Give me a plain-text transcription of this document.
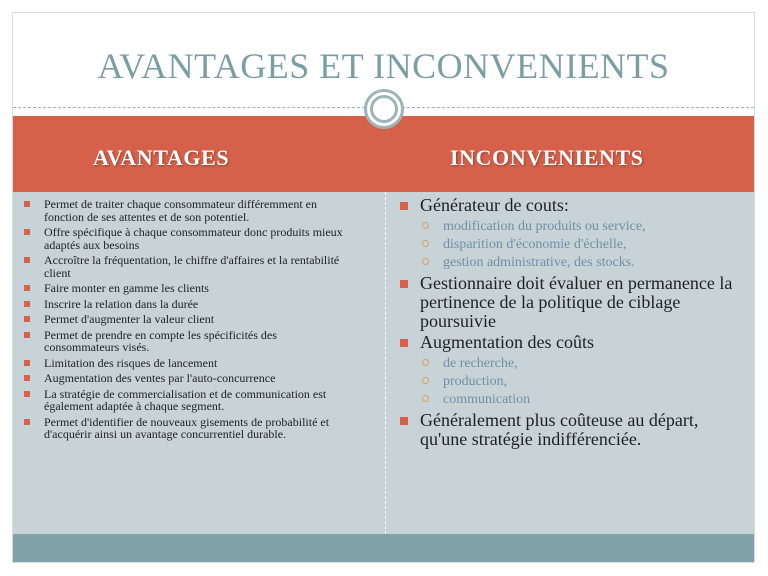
AVANTAGES ET INCONVENIENTS
AVANTAGES	INCONVENIENTS
Permet de traiter chaque consommateur différemment en fonction de ses attentes et de son potentiel.
Offre spécifique à chaque consommateur donc produits mieux adaptés aux besoins
Accroître la fréquentation, le chiffre d'affaires et la rentabilité client
Faire monter en gamme les clients
Inscrire la relation dans la durée
Permet d'augmenter la valeur client
Permet de prendre en compte les spécificités des consommateurs visés.
Limitation des risques de lancement
Augmentation des ventes par l'auto-concurrence
La stratégie de commercialisation et de communication est également adaptée à chaque segment.
Permet d'identifier de nouveaux gisements de probabilité et d'acquérir ainsi un avantage concurrentiel durable.
Générateur de couts:
modification du produits ou service,
disparition d'économie d'échelle,
gestion administrative, des stocks.
Gestionnaire doit évaluer en permanence la pertinence de la politique de ciblage poursuivie
Augmentation des coûts
de recherche,
production,
communication
Généralement plus coûteuse au départ, qu'une stratégie indifférenciée.
